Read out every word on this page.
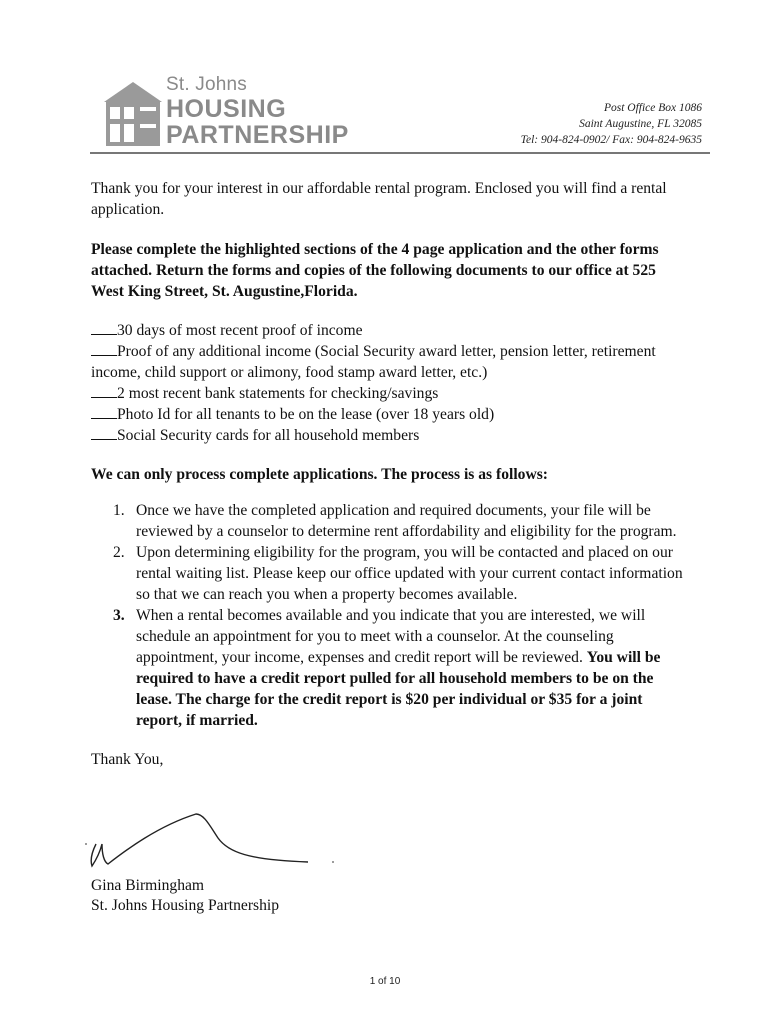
St. Johns
HOUSING
PARTNERSHIP
Post Office Box 1086
Saint Augustine, FL 32085
Tel: 904-824-0902/ Fax: 904-824-9635

Thank you for your interest in our affordable rental program. Enclosed you will find a rental application.

Please complete the highlighted sections of the 4 page application and the other forms attached. Return the forms and copies of the following documents to our office at 525 West King Street, St. Augustine,Florida.

30 days of most recent proof of income
Proof of any additional income (Social Security award letter, pension letter, retirement income, child support or alimony, food stamp award letter, etc.)
2 most recent bank statements for checking/savings
Photo Id for all tenants to be on the lease (over 18 years old)
Social Security cards for all household members

We can only process complete applications. The process is as follows:

1. Once we have the completed application and required documents, your file will be reviewed by a counselor to determine rent affordability and eligibility for the program.
2. Upon determining eligibility for the program, you will be contacted and placed on our rental waiting list. Please keep our office updated with your current contact information so that we can reach you when a property becomes available.
3. When a rental becomes available and you indicate that you are interested, we will schedule an appointment for you to meet with a counselor. At the counseling appointment, your income, expenses and credit report will be reviewed. You will be required to have a credit report pulled for all household members to be on the lease. The charge for the credit report is $20 per individual or $35 for a joint report, if married.

Thank You,

Gina Birmingham
St. Johns Housing Partnership
1 of 10
